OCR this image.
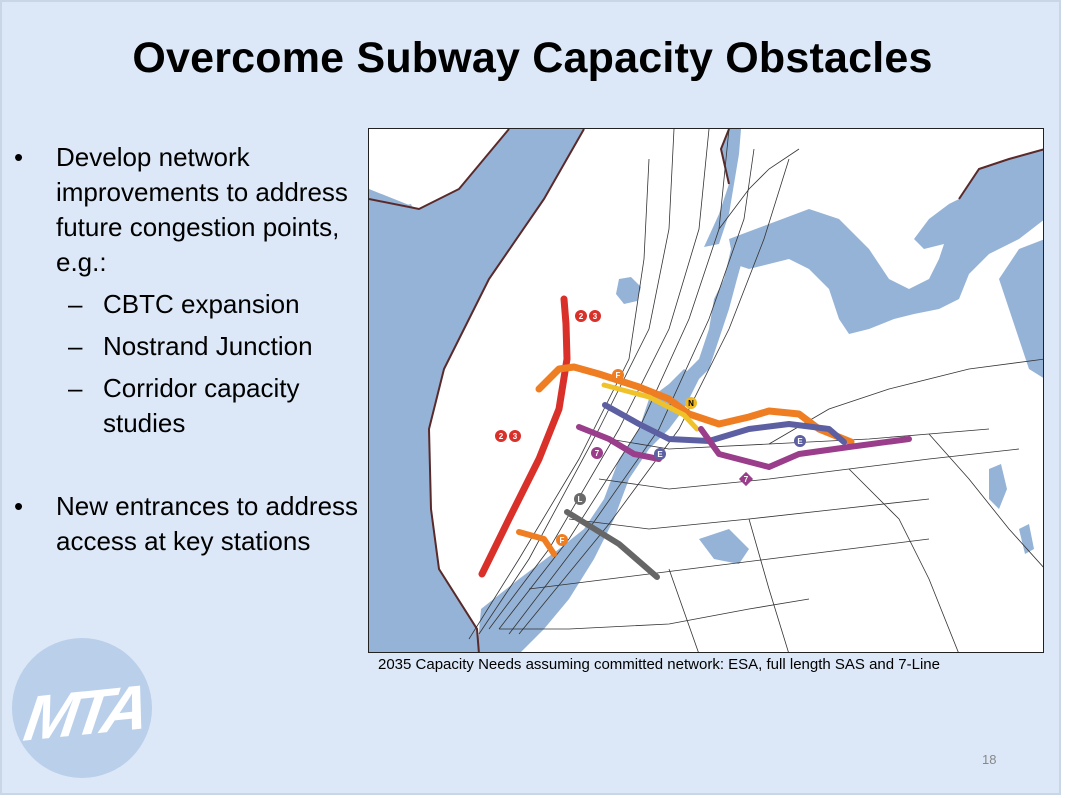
Overcome Subway Capacity Obstacles
• Develop network improvements to address future congestion points, e.g.:
– CBTC expansion
– Nostrand Junction
– Corridor capacity studies
• New entrances to address access at key stations
2 3
2 3
F
N
7	E
E
7
L
F
2035 Capacity Needs assuming committed network: ESA, full length SAS and 7-Line
MTA
18
